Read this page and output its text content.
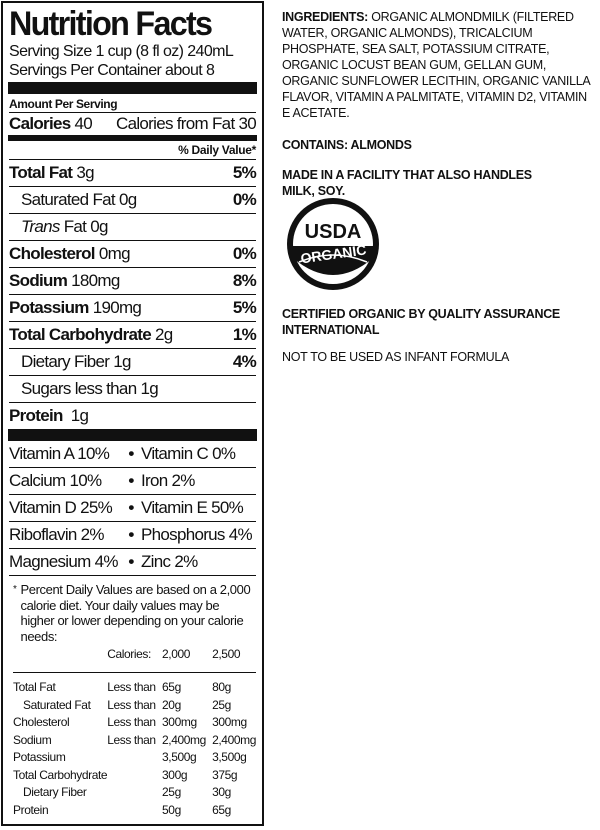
Nutrition Facts
Serving Size 1 cup (8 fl oz) 240mL
Servings Per Container about 8
Amount Per Serving
Calories 40 Calories from Fat 30
% Daily Value*
Total Fat 3g	5%
Saturated Fat 0g	0%
Trans Fat 0g
Cholesterol 0mg	0%
Sodium 180mg	8%
Potassium 190mg	5%
Total Carbohydrate 2g	1%
Dietary Fiber 1g	4%
Sugars less than 1g
Protein 1g
Vitamin A 10%	• Vitamin C 0%
Calcium 10%	• Iron 2%
Vitamin D 25% • Vitamin E 50%
Riboflavin 2%	• Phosphorus 4%
Magnesium 4% • Zinc 2%
* Percent Daily Values are based on a 2,000 calorie diet. Your daily values may be higher or lower depending on your calorie needs:
	Calories:	2,000	2,500
Total Fat	Less than	65g	80g
Saturated Fat	Less than	20g	25g
Cholesterol	Less than	300mg	300mg
Sodium	Less than	2,400mg	2,400mg
Potassium		3,500g	3,500g
Total Carbohydrate		300g	375g
Dietary Fiber		25g	30g
Protein		50g	65g

INGREDIENTS: ORGANIC ALMONDMILK (FILTERED WATER, ORGANIC ALMONDS), TRICALCIUM PHOSPHATE, SEA SALT, POTASSIUM CITRATE, ORGANIC LOCUST BEAN GUM, GELLAN GUM, ORGANIC SUNFLOWER LECITHIN, ORGANIC VANILLA FLAVOR, VITAMIN A PALMITATE, VITAMIN D2, VITAMIN E ACETATE.

CONTAINS: ALMONDS

MADE IN A FACILITY THAT ALSO HANDLES MILK, SOY.

USDA
ORGANIC
CERTIFIED ORGANIC BY QUALITY ASSURANCE INTERNATIONAL
NOT TO BE USED AS INFANT FORMULA
